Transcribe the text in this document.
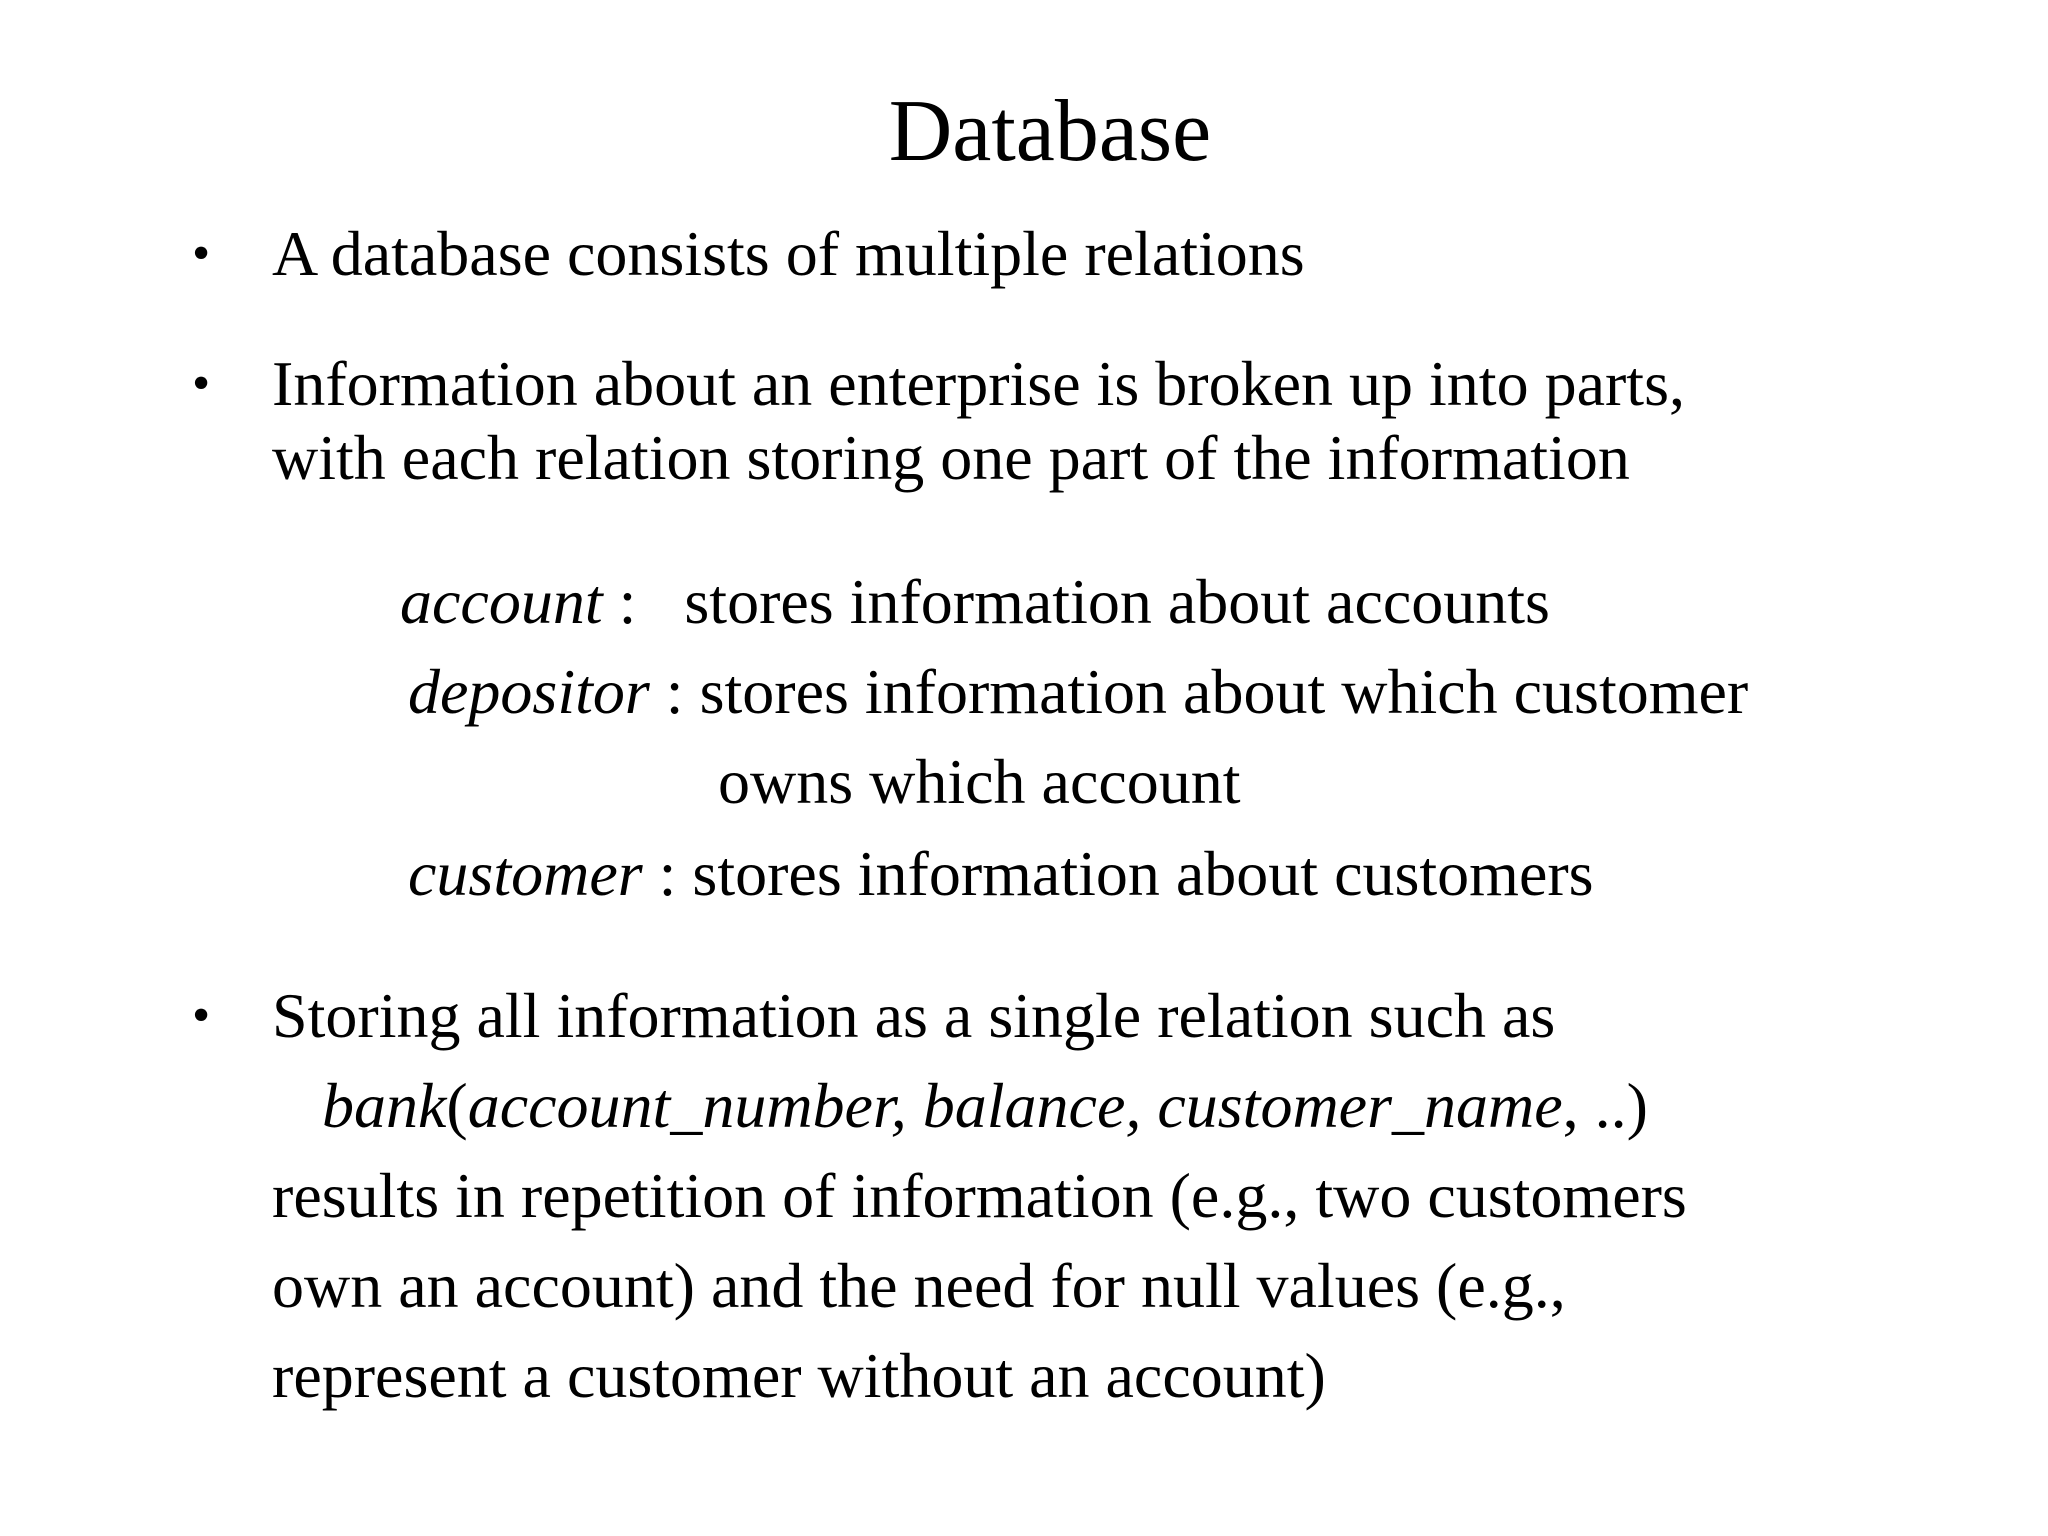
Database
• A database consists of multiple relations
• Information about an enterprise is broken up into parts,
with each relation storing one part of the information
account :   stores information about accounts
depositor : stores information about which customer
owns which account
customer : stores information about customers
• Storing all information as a single relation such as
bank(account_number, balance, customer_name, ..)
results in repetition of information (e.g., two customers
own an account) and the need for null values (e.g.,
represent a customer without an account)
